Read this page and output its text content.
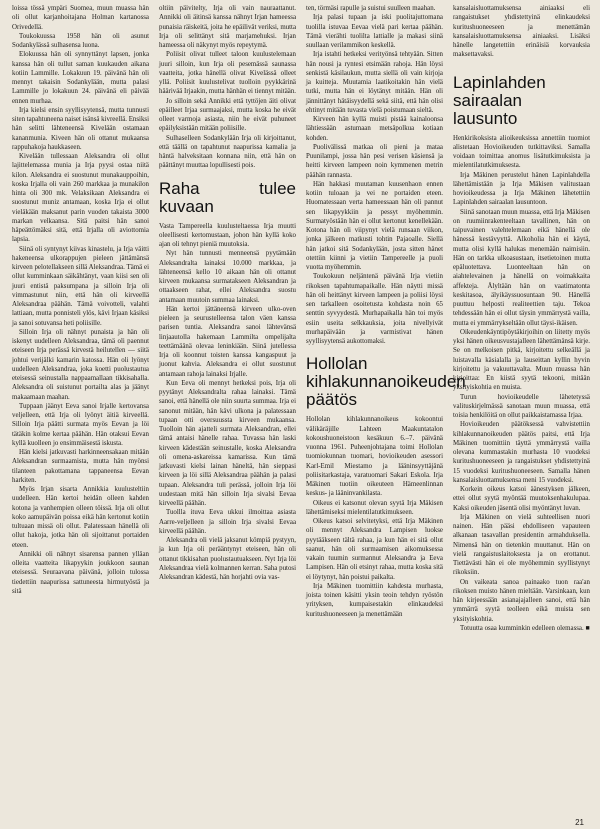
loissa tössä ympäri Suomea, muun muassa hän oli ollut karjanhoitajana Holman kartanossa Orivedellä.

Toukokuussa 1958 hän oli asunut Sodankylässä sulhasensa luona.

Elokuussa hän oli synnyttänyt lapsen, jonka kanssa hän oli tullut saman kuukauden aikana kotiin Lammille. Lokakuun 19. päivänä hän oli mennyt takaisin Sodankylään, mutta palasi Lammille jo lokakuun 24. päivänä eli päivää ennen murhaa.

Irja kielsi ensin syyllisyytensä, mutta tunnusti siten tapahtuneena naiset isänsä kivreellä. Ensiksi hän selitti lähteneensä Kivelään ostamaan kananmunia. Kiveen hän oli ottanut mukaansa rappuhakoja haukkaseen.

Kivelään tullessaan Aleksandra oli ollut lajittelemassa munia ja Irja pyysi ostaa niitä kilon. Aleksandra ei suostunut munakauppoihin, koska Irjalla oli vain 260 markkaa ja munakilon hinta oli 300 mk. Velaksikaan Aleksandra ei suostunut muniz antamaan, koska Irja ei ollut vieläkään maksanut parin vuoden takaista 3000 markan velkaansa. Sitä paitsi hän sanoi häpeättömäksi sitä, että Irjalla oli aviottomia lapsia.

Siinä oli syntynyt kiivas kinastelu, ja Irja väitti hakeneensa ulkorappujen pieleen jättämänsä kirveen pelotellakseen sillä Aleksandraa. Tämä ei ollut kumminkaan säikähtänyt, vaan kiisi sen oli juuri entistä paksumpana ja silloin Irja oli vimmastunut niin, että hän oli kirveellä Aleksandraa päähän. Tämä voivotteli, valahti lattiaan, mutta ponnisteli ylös, kävi Irjaan käsiksi ja sanoi sotuvansa heti poliisille.

Silloin Irja oli nähnyt punaista ja hän oli iskenyt uudelleen Aleksandraa, tämä oli paennut eteiseen Irja perässä kirvestä heilutellen — siitä johtui verijälki kamarin katossa. Hän oli lyönyt uudelleen Aleksandraa, joka koetti puolustautua eteisessä seinustalla nappaamallaan tikkisahalla. Aleksandra oli suistunut portailta alas ja jäänyt makaamaan maahan.

Tuppaan jäänyt Eeva sanoi Irjalle kertovansa veljelleen, että Irja oli lyönyt äitiä kirveellä. Silloin Irja päätti surmata myös Eevan ja löi tätäkin kolme kertaa päähän. Hän otaksui Eevan kyllä kuolleen jo ensimmäisestä iskusta.

Hän kielsi jatkuvasti harkinneensakaan mitään Aleksandran surmaamista, mutta hän myönsi tilanteen pakottamana tappaneensa Eevan harkiten.

Myös Irjan sisarta Annikkia kuulusteltiin uudelleen. Hän kertoi heidän olleen kahden kotona ja vanhempien olleen töissä. Irja oli ollut koko aamupäivän poissa eikä hän kertonut kotiin tultuaan missä oli ollut. Palatessaan hänellä oli ollut hakoja, jotka hän oli sijoittanut portaiden eteen.

Annikki oli nähnyt sisarensa pannen ylläan olleita vaatteita likapyykin joukkoon saunan eteisessä. Seuraavana päivänä, jolloin tulossa tiedettiin naapurissa sattuneesta hirmutyöstä ja sitä

oltiin päivitelty, Irja oli vain nauraattanut. Annikki oli äitinsä kanssa nähnyt Irjan hameessa punaisia räiskeitä, joita he epäilivät veriksi, mutta Irja oli selittänyt sitä marjamehuksi. Irjan hameessa oli näkynyt myös repeytymä.

Poliisit olivat tulleet taloon kuulustelemaan juuri silloin, kun Irja oli pesemässä saunassa vaatteita, jotka hänellä olivat Kivelässä olleet yllä. Poliisit kuulustelivat tuolloin pyykkärinä häärivää Irjaakin, mutta hänhän ei tiennyt mitään.

Jo silloin sekä Annikki että tyttöjen äiti olivat epäilleet Irjaa surmaajaksi, mutta koska he eivät olleet varmoja asiasta, niin he eivät puhuneet epäilyksistään mitään poliisille.

Sulhaselleen Sodankylään Irja oli kirjoittanut, että täällä on tapahtunut naapurissa kamalia ja häntä halveksitaan konnana niin, että hän on päättänyt muuttaa lopullisesti pois.

Raha tulee kuvaan

Vasta Tampereella kuulusteltaessa Irja muutti oleellisesti kertomustaan, johon hän kyllä koko ajan oli tehnyt pieniä muutoksia.

Nyt hän tunnusti menneensä pyytämään Aleksandralta lainaksi 10.000 markkaa, ja lähteneensä kello 10 aikaan hän oli ottanut kirveen mukaansa surmatakseen Aleksandran ja ottaakseen rahat, ellei Aleksandra suostu antamaan muutoin summaa lainaksi.

Hän kertoi jättäneensä kirveen ulko-oven pieleen ja seurustelleensa talon väen kanssa parisen tuntia. Aleksandra sanoi lähtevänsä linjaautolla hakemaan Lammilta ompelijalta teettämäänä olevaa leninkiään. Siinä jutellessa Irja oli koonnut toisten kanssa kangaspuut ja juonut kahvia. Aleksandra ei ollut suostunut antamaan rahoja lainaksi Irjalle.

Kun Eeva oli mennyt hetkeksi pois, Irja oli pyytänyt Aleksandralta rahaa lainaksi. Tämä sanoi, että hänellä ole niin suurta summaa. Irja ei sanonut mitään, hän kävi ulkona ja palatessaan tupaan otti oversuussta kirveen mukaansa. Tuolloin hän ajatteli surmata Aleksandran, ellei tämä antaisi hänelle rahaa. Tuvassa hän laski kirveen kädestään seinustalle, koska Aleksandra oli omena-askareissa kamarissa. Kun tämä jatkuvasti kielsi lainan häneltä, hän sieppasi kirveen ja löi sillä Aleksandraa päähän ja palasi tupaan. Aleksandra tuli perässä, jolloin Irja löi uudestaan mitä hän silloin Irja sivalsi Eevaa kirveellä päähän.

Tuollla ituva Eeva ukkui ilmoittaa asiasta Aarre-veljelleen ja silloin Irja sivalsi Eevaa kirveellä päähän.

Aleksandra oli vielä jaksanut kömpiä pystyyn, ja kun Irja oli perääntynyt eteiseen, hän oli ottanut tikkisahan puolustautuakseen. Nyt Irja löi Aleksandraa vielä kolmannen kerran. Saha putosi Aleksandran kädestä, hän horjahti ovia vas-

ten, törmäsi rapulle ja suistui suulleen maahan.

Irja palasi tupaan ja iski puolitajuttomana tuolilla istuvaa Eevaa vielä pari kertaa päähän. Tämä vierähti tuolilta lattialle ja makasi siinä suullaan verilammikon keskellä.

Irja istahti hetkeksi verityönsä tehtyään. Sitten hän nousi ja ryntesi etsimään rahoja. Hän löysi senkistä käsilaukun, mutta siellä oli vain kirjoja ja kuitteja. Muutamia laatikoitakin hän vielä tutki, mutta hän ei löytänyt mitään. Hän oli jännittänyt hätäisyydellä sekä siitä, että hän olisi ehtinyt mitään tuvasta vielä poistumaan sieltä.

Kirveen hän kyllä muisti pistää kainaloonsa lähtiessään astumaan metsäpolkua kotiaan kohden.

Puolivälissä matkaa oli pieni ja mataa Puunilampi, jossa hän pesi verisen käsiensä ja heitti kirveen lampeen noin kymmenen metrin päähän rannasta.

Hän hakkasi muutaman kuusenhaon ennen kotiin tuloaan ja vei ne portaiden eteen. Huomatessaan verta hameessaan hän oli pannut sen likapyykkiin ja pessyt myöhemmin. Surmatyöstään hän ei ollut kertonut kenellekään. Kotona hän oli viipynyt vielä runsaan viikon, jonka jälkeen matkusti tohtin Pajaoalle. Siellä hän jatkoi sitä Sodankylään, josta sitten hänet otettiin kiinni ja vietiin Tampereelle ja puoli vuotta myöhemmin.

Toukokuun neljäntenä päivänä Irja vietiin rikoksen tapahtumapaikalle. Hän näytti missä hän oli heittänyt kirveen lampeen ja poliisi löysi sen tarkalleen osoitetusta kohdasta noin 65 senttin syvyydestä. Murhapaikalla hän toi myös esiin useita selkkauksia, joita nivellyivät murhapäivään ja varmistivat hänen syyllisyytensä aukottomaksi.

Hollolan kihlakunnanoikeuden päätös

Hollolan kihlakunnanoikeus kokoontui välikäräjille Lahteen Maakuntatalon kokoushuoneistoon kesäkuun 6.–7. päivänä vuonna 1961. Puheenjohtajana toimi Hollolan tuomiokunnan tuomari, hovioikeuden asessori Karl-Emil Miestamo ja lääninsyyttäjänä poliisitarkastaja, varatuomari Sakari Eskola. Irja Mäkinen tuotiin oikeuteen Hämeenlinnan keskus- ja lääninvankilasta.

Oikeus ei katsonut olevan syytä Irja Mäkisen lähettämiseksi mielentilatutkimukseen.

Oikeus katsoi selvitetyksi, että Irja Mäkinen oli mennyt Aleksandra Lampisen luokse pyytääkseen tältä rahaa, ja kun hän ei sitä ollut saanut, hän oli surmaamisen aikomuksessa vakain tuumin surmannut Aleksandra ja Eeva Lampisen. Hän oli etsinyt rahaa, mutta koska sitä ei löytynyt, hän poistui paikalta.

Irja Mäkinen tuomittiin kahdesta murhasta, joista toinen käsitti yksin teoin tehdyn ryöstön yrityksen, kumpaisestakin elinkaudeksi kuritushuoneeseen ja menettämään

kansalaisluottamuksensa ainiaaksi eli rangaistukset yhdistettyinä elinkaudeksi kuritushuoneeseen ja menettämän kansalaisluottamuksensa ainiaaksi. Lisäksi hänelle langetettiin erinäisiä korvauksia maksettavaksi.

Lapinlahden sairaalan lausunto

Henkirikoksista alioikeuksissa annettiin tuomiot alistetaan Hovioikeuden tutkittaviksi. Samalla voidaan toimittaa anomus lisätutkimuksista ja mielentilatutkimuksesta.

Irja Mäkinen perustelut hänen Lapinlahdella lähettämistään ja Irja Mäkisen valitustaan hovioikeudessa ja Irja Mäkinen lähetettiin Lapinlahden sairaalan lausuntoon.

Siinä sanotaan muun muassa, että Irja Mäkisen on ruumiinrakenteeltaan tavallinen, hän on taipuvainen valehtelemaan eikä hänellä ole hänessä kestävyyttä. Alkoholia hän ei käytä, mutta olisi kyllä halukas menemään naimisiin. Hän on tarkka ulkoasustaan, itsetietoinen mutta epäluotettava. Luonteeltaan hän on aiahtelevainen ja hänellä on voimakkaita affekteja. Älyltään hän on vaatimatonta keskitasoa, älyikäyssuosuntaan 90. Hänellä puuttuu helposti realiteettien taju. Tekoa tehdessään hän ei ollut täysin ymmärrystä vailla, mutta ei ymmärrykseltään ollut täysi-ikäisen.

Oikeudenkäyntipöytäkirjoihin on liitetty myös yksi hänen oikeusvustajalleen lähettämänsä kirje. Se on melkoisen pitkä, kirjoitettu selkeällä ja luistavalla käsialalla ja lauseittan kyllin hyvin kirjoitettu ja vakuuttavalta. Muun muassa hän kirjoittaa: En kiistä syytä tekooni, mitään yksityiskohtia en muista.

Turun hovioikeudelle lähetetyssä valituskirjelmässä sanotaan muun muassa, että toisia henkilöitä on ollut paikkaistamassa Irjaa.

Hovioikeuden päätöksessä vahvistettiin kihlakunnanoikeuden päätös paitsi, että Irja Mäkinen tuomittiin täyttä ymmärrystä vailla olevana kummastakin murhasta 10 vuodeksi kuritushuoneeseen ja rangaistukset yhdistettyinä 15 vuodeksi kuritushuoneeseen. Samalla hänen kansalaisluottamuksensa meni 15 vuodeksi.

Korkein oikeus katsoi äänestyksen jälkeen, ettei ollut syytä myöntää muutoksenhakulupaa. Kaksi oikeuden jäsentä olisi myöntänyt luvan.

Irja Mäkinen on vielä suhteellisen nuori nainen. Hän pääsi ehdolliseen vapauteen alkanaan tasavallan presidentin armahduksella. Nimensä hän on tietenkin muuttanut. Hän on vielä rangaistuslaitoksesta ja on erottanut. Tiettävästi hän ei ole myöhemmin syyllistynyt rikoksiin.

On vaikeata sanoa painaako tuon raa'an rikoksen muisto hänen mieltään. Varsinkaan, kun hän kirjeessään asianajajalleen sanoi, että hän ymmärrä syytä teolleen eikä muista sen yksityiskohtia.

Totuutta osaa kumminkin edelleen olemassa. ■

21
